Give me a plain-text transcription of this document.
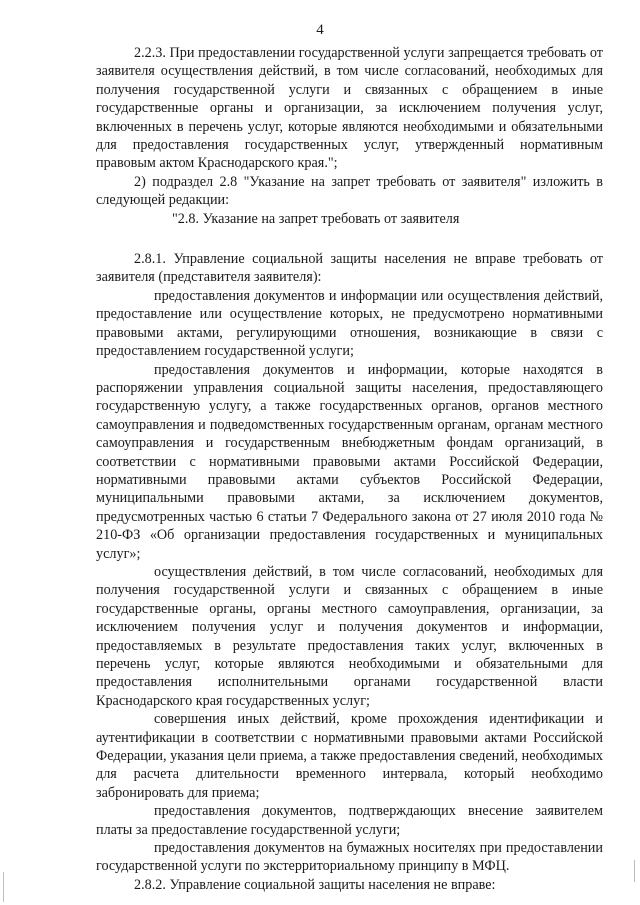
4

2.2.3. При предоставлении государственной услуги запрещается требовать от заявителя осуществления действий, в том числе согласований, необходимых для получения государственной услуги и связанных с обращением в иные государственные органы и организации, за исключением получения услуг, включенных в перечень услуг, которые являются необходимыми и обязательными для предоставления государственных услуг, утвержденный нормативным правовым актом Краснодарского края.";

2) подраздел 2.8 "Указание на запрет требовать от заявителя" изложить в следующей редакции:

"2.8. Указание на запрет требовать от заявителя

2.8.1. Управление социальной защиты населения не вправе требовать от заявителя (представителя заявителя):

предоставления документов и информации или осуществления действий, предоставление или осуществление которых, не предусмотрено нормативными правовыми актами, регулирующими отношения, возникающие в связи с предоставлением государственной услуги;

предоставления документов и информации, которые находятся в распоряжении управления социальной защиты населения, предоставляющего государственную услугу, а также государственных органов, органов местного самоуправления и подведомственных государственным органам, органам местного самоуправления и государственным внебюджетным фондам организаций, в соответствии с нормативными правовыми актами Российской Федерации, нормативными правовыми актами субъектов Российской Федерации, муниципальными правовыми актами, за исключением документов, предусмотренных частью 6 статьи 7 Федерального закона от 27 июля 2010 года № 210-ФЗ «Об организации предоставления государственных и муниципальных услуг»;

осуществления действий, в том числе согласований, необходимых для получения государственной услуги и связанных с обращением в иные государственные органы, органы местного самоуправления, организации, за исключением получения услуг и получения документов и информации, предоставляемых в результате предоставления таких услуг, включенных в перечень услуг, которые являются необходимыми и обязательными для предоставления исполнительными органами государственной власти Краснодарского края государственных услуг;

совершения иных действий, кроме прохождения идентификации и аутентификации в соответствии с нормативными правовыми актами Российской Федерации, указания цели приема, а также предоставления сведений, необходимых для расчета длительности временного интервала, который необходимо забронировать для приема;

предоставления документов, подтверждающих внесение заявителем платы за предоставление государственной услуги;

предоставления документов на бумажных носителях при предоставлении государственной услуги по экстерриториальному принципу в МФЦ.

2.8.2. Управление социальной защиты населения не вправе:
